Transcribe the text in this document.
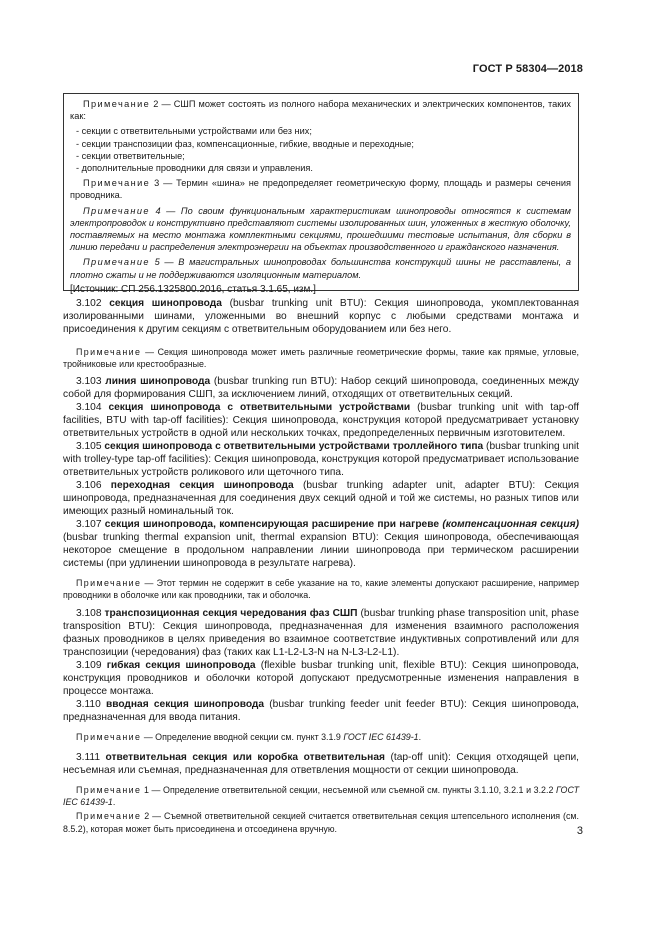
ГОСТ Р 58304—2018

Примечание 2 — СШП может состоять из полного набора механических и электрических компонентов, таких как:

- секции с ответвительными устройствами или без них;
- секции транспозиции фаз, компенсационные, гибкие, вводные и переходные;
- секции ответвительные;
- дополнительные проводники для связи и управления.

Примечание 3 — Термин «шина» не предопределяет геометрическую форму, площадь и размеры сечения проводника.

Примечание 4 — По своим функциональным характеристикам шинопроводы относятся к системам электропроводок и конструктивно представляют системы изолированных шин, уложенных в жесткую оболочку, поставляемых на место монтажа комплектными секциями, прошедшими тестовые испытания, для сборки в линию передачи и распределения электроэнергии на объектах производственного и гражданского назначения.

Примечание 5 — В магистральных шинопроводах большинства конструкций шины не расставлены, а плотно сжаты и не поддерживаются изоляционным материалом.

[Источник: СП 256.1325800.2016, статья 3.1.65, изм.]

3.102 секция шинопровода (busbar trunking unit BTU): Секция шинопровода, укомплектованная изолированными шинами, уложенными во внешний корпус с любыми средствами монтажа и присоединения к другим секциям с ответвительным оборудованием или без него.

Примечание — Секция шинопровода может иметь различные геометрические формы, такие как прямые, угловые, тройниковые или крестообразные.

3.103 линия шинопровода (busbar trunking run BTU): Набор секций шинопровода, соединенных между собой для формирования СШП, за исключением линий, отходящих от ответвительных секций.

3.104 секция шинопровода с ответвительными устройствами (busbar trunking unit with tap-off facilities, BTU with tap-off facilities): Секция шинопровода, конструкция которой предусматривает установку ответвительных устройств в одной или нескольких точках, предопределенных первичным изготовителем.

3.105 секция шинопровода с ответвительными устройствами троллейного типа (busbar trunking unit with trolley-type tap-off facilities): Секция шинопровода, конструкция которой предусматривает использование ответвительных устройств роликового или щеточного типа.

3.106 переходная секция шинопровода (busbar trunking adapter unit, adapter BTU): Секция шинопровода, предназначенная для соединения двух секций одной и той же системы, но разных типов или имеющих разный номинальный ток.

3.107 секция шинопровода, компенсирующая расширение при нагреве (компенсационная секция) (busbar trunking thermal expansion unit, thermal expansion BTU): Секция шинопровода, обеспечивающая некоторое смещение в продольном направлении линии шинопровода при термическом расширении системы (при удлинении шинопровода в результате нагрева).

Примечание — Этот термин не содержит в себе указание на то, какие элементы допускают расширение, например проводники в оболочке или как проводники, так и оболочка.

3.108 транспозиционная секция чередования фаз СШП (busbar trunking phase transposition unit, phase transposition BTU): Секция шинопровода, предназначенная для изменения взаимного расположения фазных проводников в целях приведения во взаимное соответствие индуктивных сопротивлений или для транспозиции (чередования) фаз (таких как L1-L2-L3-N на N-L3-L2-L1).

3.109 гибкая секция шинопровода (flexible busbar trunking unit, flexible BTU): Секция шинопровода, конструкция проводников и оболочки которой допускают предусмотренные изменения направления в процессе монтажа.

3.110 вводная секция шинопровода (busbar trunking feeder unit feeder BTU): Секция шинопровода, предназначенная для ввода питания.

Примечание — Определение вводной секции см. пункт 3.1.9 ГОСТ IEC 61439-1.

3.111 ответвительная секция или коробка ответвительная (tap-off unit): Секция отходящей цепи, несъемная или съемная, предназначенная для ответвления мощности от секции шинопровода.

Примечание 1 — Определение ответвительной секции, несъемной или съемной см. пункты 3.1.10, 3.2.1 и 3.2.2 ГОСТ IEC 61439-1.

Примечание 2 — Съемной ответвительной секцией считается ответвительная секция штепсельного исполнения (см. 8.5.2), которая может быть присоединена и отсоединена вручную.	3
